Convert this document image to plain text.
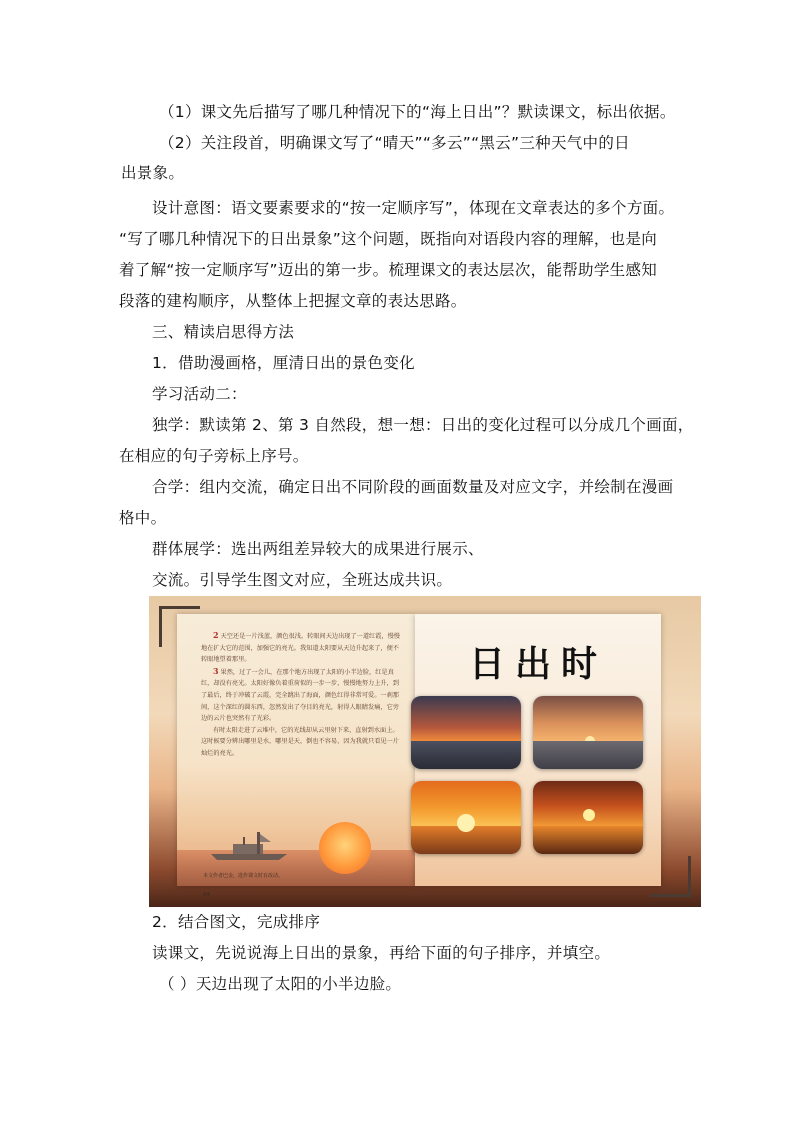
（1）课文先后描写了哪几种情况下的“海上日出”？默读课文，标出依据。
（2）关注段首，明确课文写了“晴天”“多云”“黑云”三种天气中的日
出景象。
设计意图：语文要素要求的“按一定顺序写”，体现在文章表达的多个方面。
“写了哪几种情况下的日出景象”这个问题，既指向对语段内容的理解，也是向
着了解“按一定顺序写”迈出的第一步。梳理课文的表达层次，能帮助学生感知
段落的建构顺序，从整体上把握文章的表达思路。
三、精读启思得方法
1．借助漫画格，厘清日出的景色变化
学习活动二：
独学：默读第 2、第 3 自然段，想一想：日出的变化过程可以分成几个画面，
在相应的句子旁标上序号。
合学：组内交流，确定日出不同阶段的画面数量及对应文字，并绘制在漫画
格中。
群体展学：选出两组差异较大的成果进行展示、
交流。引导学生图文对应，全班达成共识。

2 天空还是一片浅蓝，颜色很浅。转眼间天边出现了一道红霞，慢慢地在扩大它的范围，加强它的亮光。我知道太阳要从天边升起来了，便不转眼地望着那里。

3 果然，过了一会儿，在那个地方出现了太阳的小半边脸，红是真红，却没有亮光。太阳好像负着重荷似的一步一步，慢慢地努力上升，到了最后，终于冲破了云霞，完全跳出了海面，颜色红得非常可爱。一刹那间，这个深红的圆东西，忽然发出了夺目的亮光，射得人眼睛发痛，它旁边的云片也突然有了光彩。

有时太阳走进了云堆中，它的光线却从云里射下来，直射到水面上。这时候要分辨出哪里是水，哪里是天，倒也不容易，因为我就只看见一片灿烂的亮光。

本文作者巴金，选作课文时有改动。
64
日出时
2．结合图文，完成排序
读课文，先说说海上日出的景象，再给下面的句子排序，并填空。
（ ）天边出现了太阳的小半边脸。
